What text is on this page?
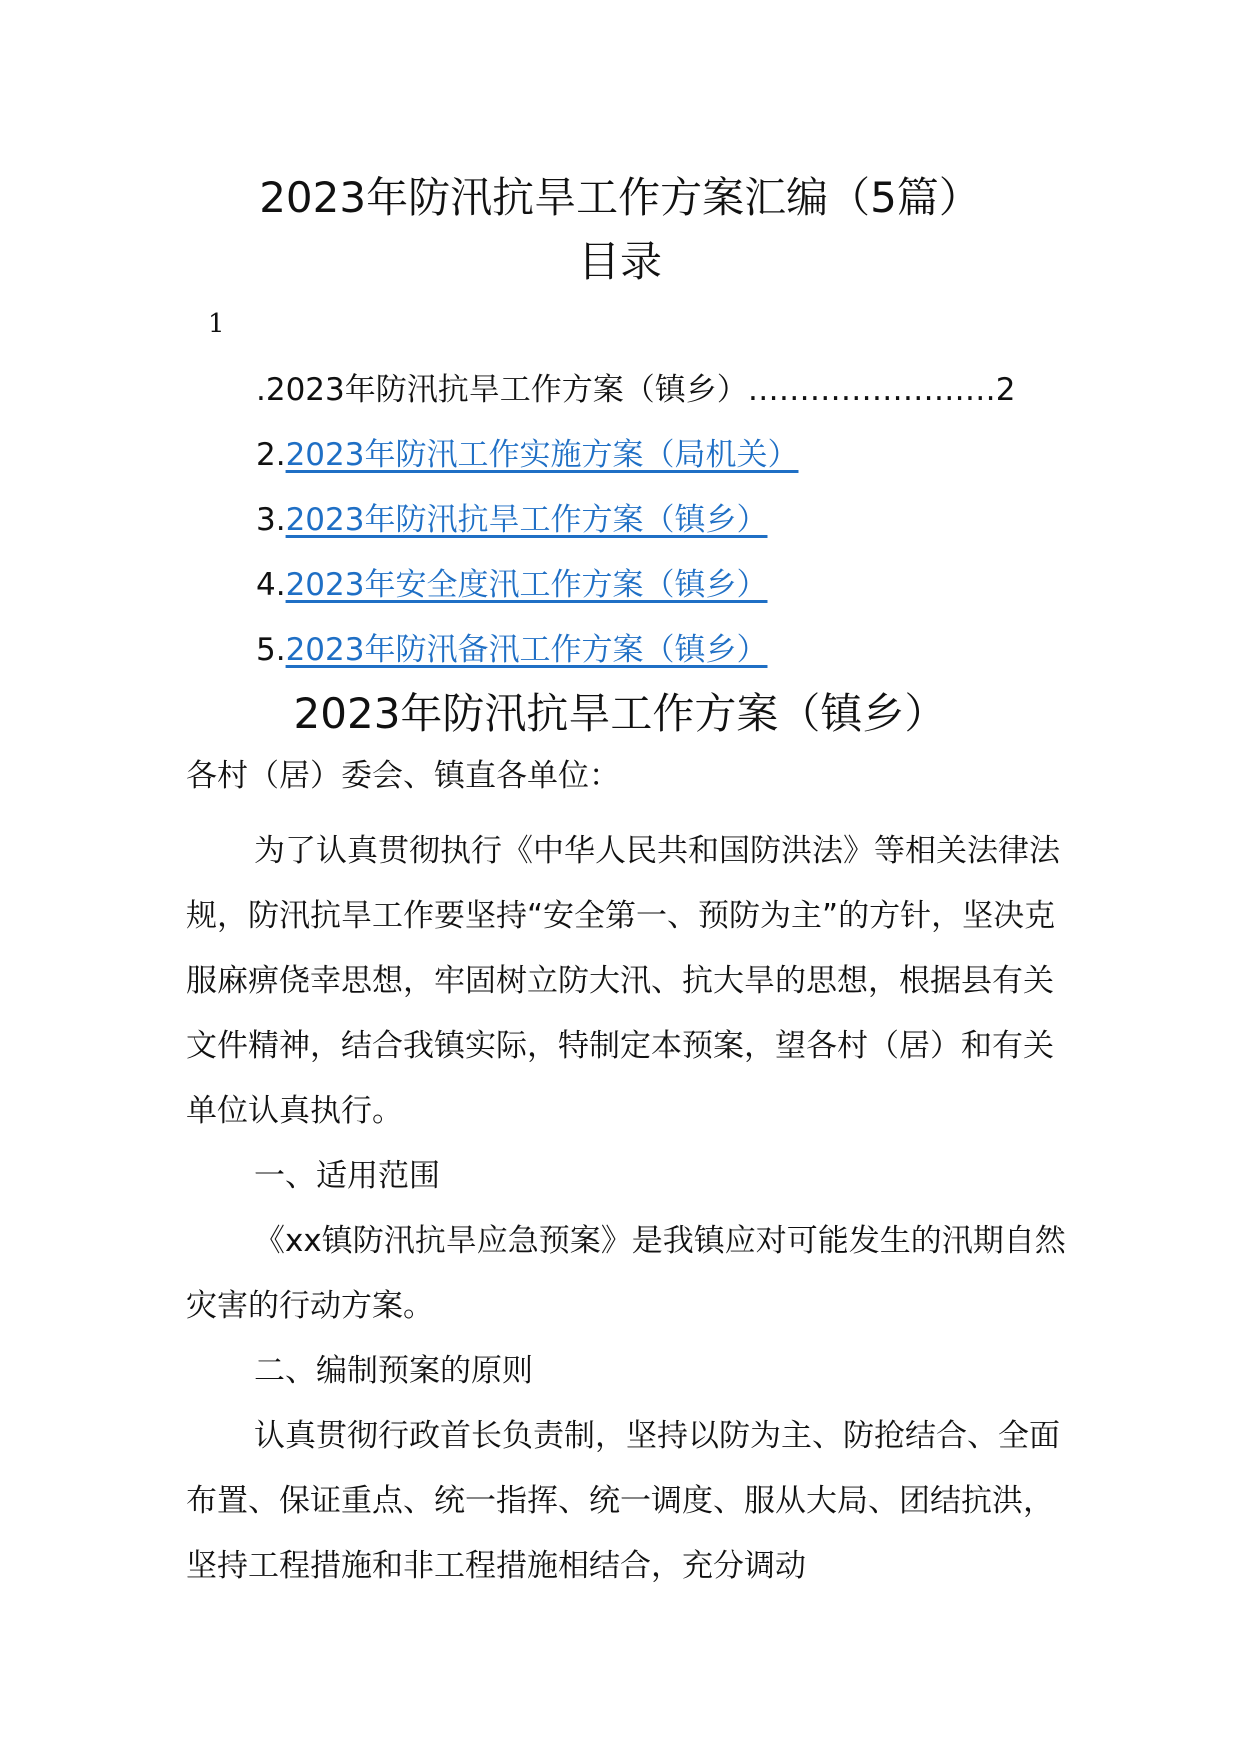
2023年防汛抗旱工作方案汇编（5篇）
目录
1
.2023年防汛抗旱工作方案（镇乡）……………………2
2.2023年防汛工作实施方案（局机关）
3.2023年防汛抗旱工作方案（镇乡）
4.2023年安全度汛工作方案（镇乡）
5.2023年防汛备汛工作方案（镇乡）
2023年防汛抗旱工作方案（镇乡）

各村（居）委会、镇直各单位：

为了认真贯彻执行《中华人民共和国防洪法》等相关法律法规，防汛抗旱工作要坚持“安全第一、预防为主”的方针，坚决克服麻痹侥幸思想，牢固树立防大汛、抗大旱的思想，根据县有关文件精神，结合我镇实际，特制定本预案，望各村（居）和有关单位认真执行。

一、适用范围

《xx镇防汛抗旱应急预案》是我镇应对可能发生的汛期自然灾害的行动方案。

二、编制预案的原则

认真贯彻行政首长负责制，坚持以防为主、防抢结合、全面布置、保证重点、统一指挥、统一调度、服从大局、团结抗洪，坚持工程措施和非工程措施相结合，充分调动
